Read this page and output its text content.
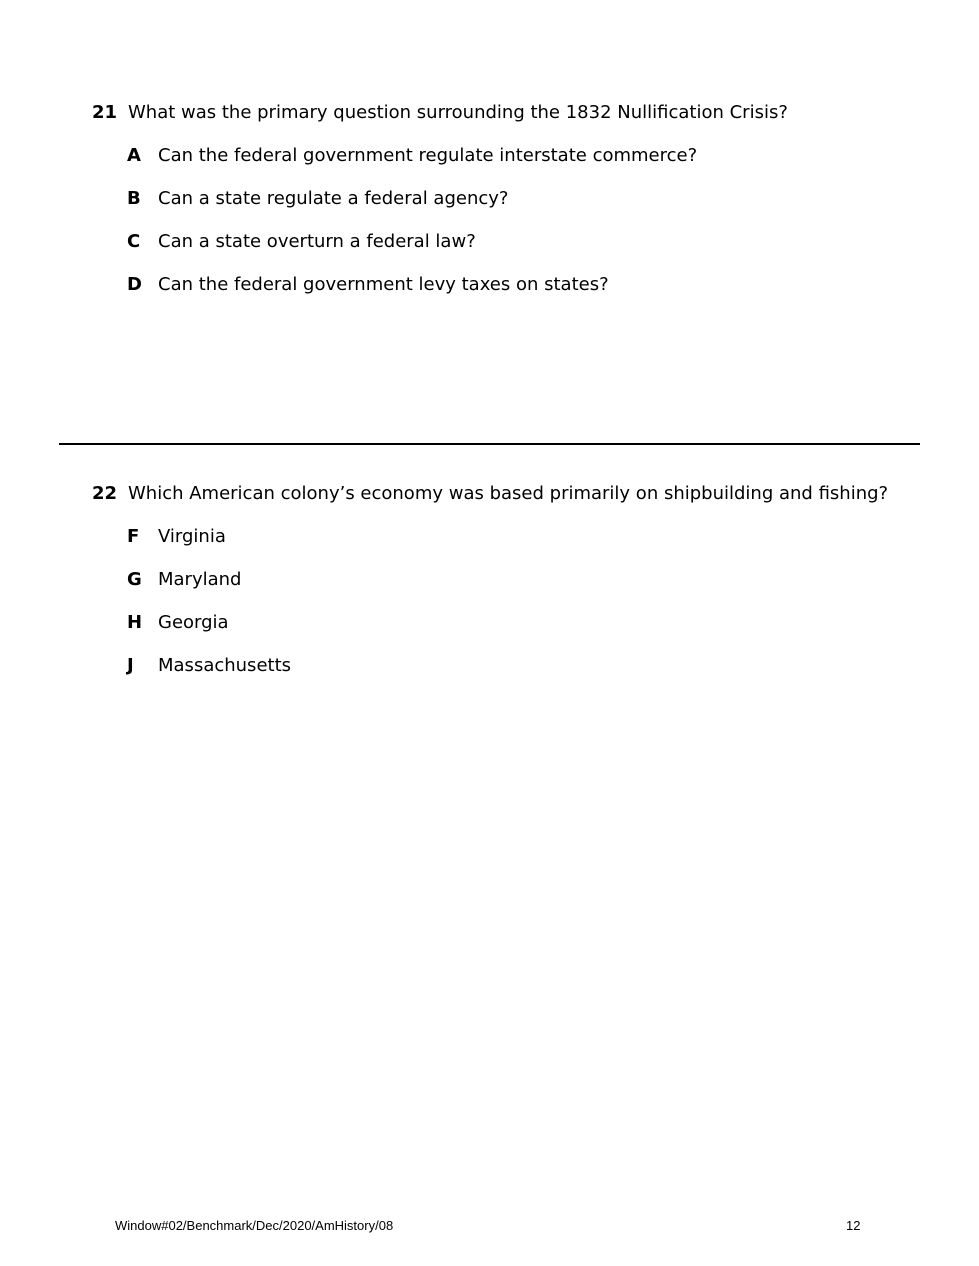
21 What was the primary question surrounding the 1832 Nullification Crisis?
A Can the federal government regulate interstate commerce?
B Can a state regulate a federal agency?
C Can a state overturn a federal law?
D Can the federal government levy taxes on states?
22 Which American colony’s economy was based primarily on shipbuilding and fishing?
F Virginia
G Maryland
H Georgia
J Massachusetts
Window#02/Benchmark/Dec/2020/AmHistory/08	12
